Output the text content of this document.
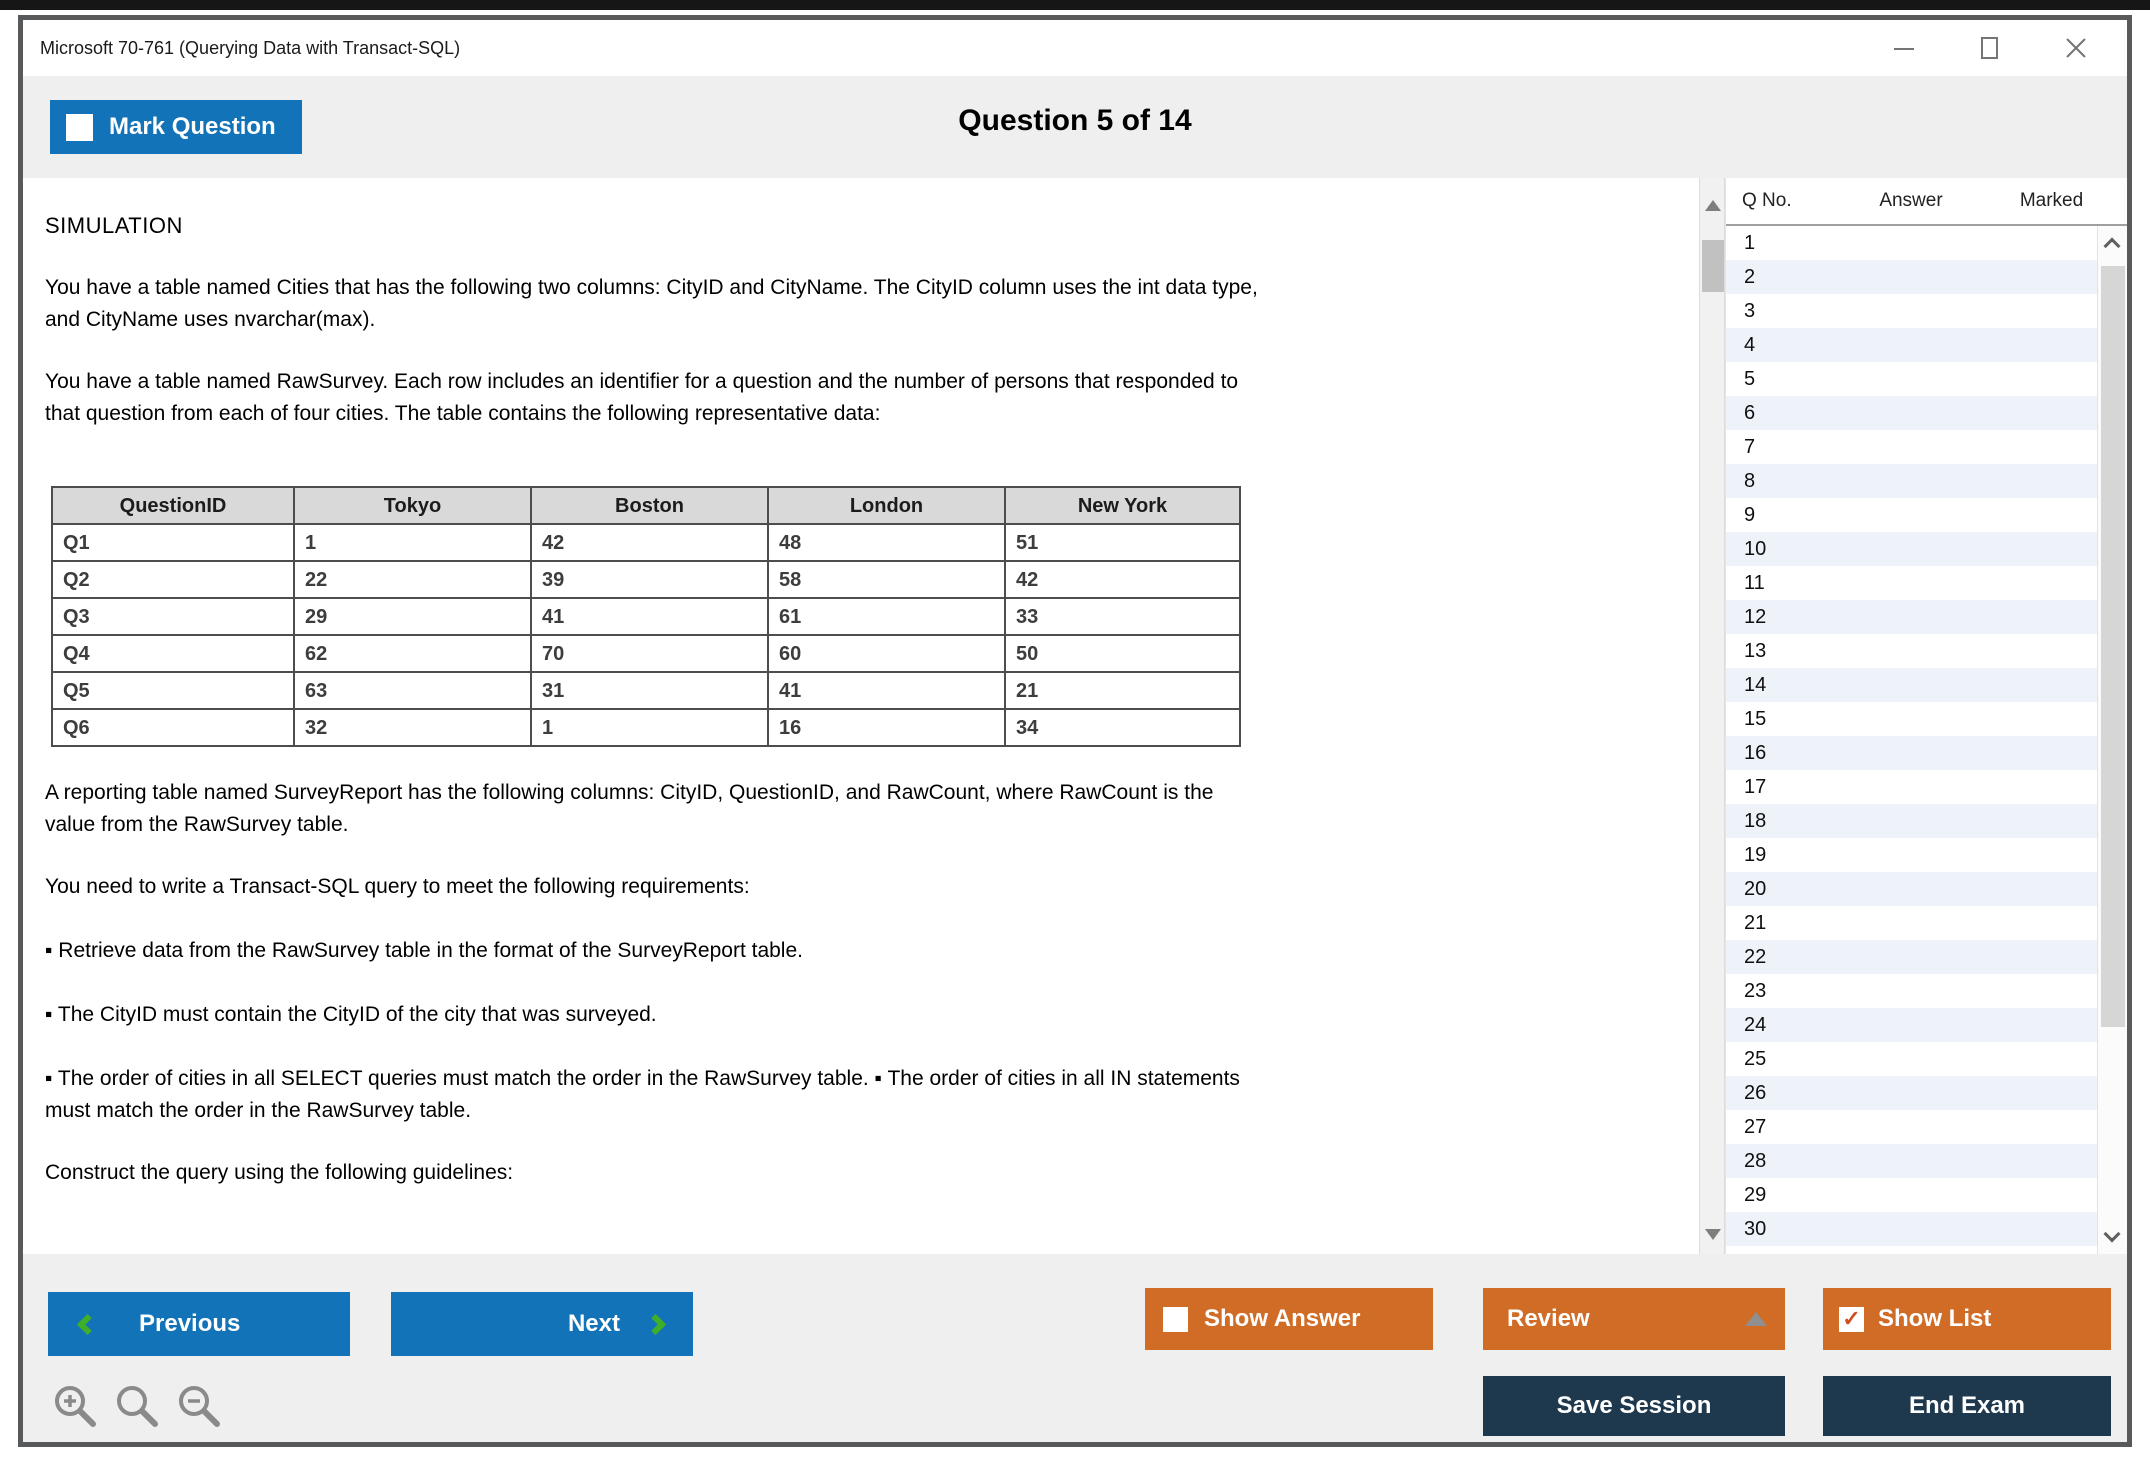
Microsoft 70-761 (Querying Data with Transact-SQL)
Mark Question	Question 5 of 14
SIMULATION

You have a table named Cities that has the following two columns: CityID and CityName. The CityID column uses the int data type, and CityName uses nvarchar(max).

You have a table named RawSurvey. Each row includes an identifier for a question and the number of persons that responded to that question from each of four cities. The table contains the following representative data:

QuestionID	Tokyo	Boston	London	New York
Q1	1	42	48	51
Q2	22	39	58	42
Q3	29	41	61	33
Q4	62	70	60	50
Q5	63	31	41	21
Q6	32	1	16	34

A reporting table named SurveyReport has the following columns: CityID, QuestionID, and RawCount, where RawCount is the value from the RawSurvey table.

You need to write a Transact-SQL query to meet the following requirements:

▪ Retrieve data from the RawSurvey table in the format of the SurveyReport table.

▪ The CityID must contain the CityID of the city that was surveyed.

▪ The order of cities in all SELECT queries must match the order in the RawSurvey table. ▪ The order of cities in all IN statements must match the order in the RawSurvey table.

Construct the query using the following guidelines:

Q No.	Answer	Marked
1
2
3
4
5
6
7
8
9
10
11
12
13
14
15
16
17
18
19
20
21
22
23
24
25
26
27
28
29
30
Previous	Next	Show Answer	Review	✓ Show List
Save Session	End Exam
